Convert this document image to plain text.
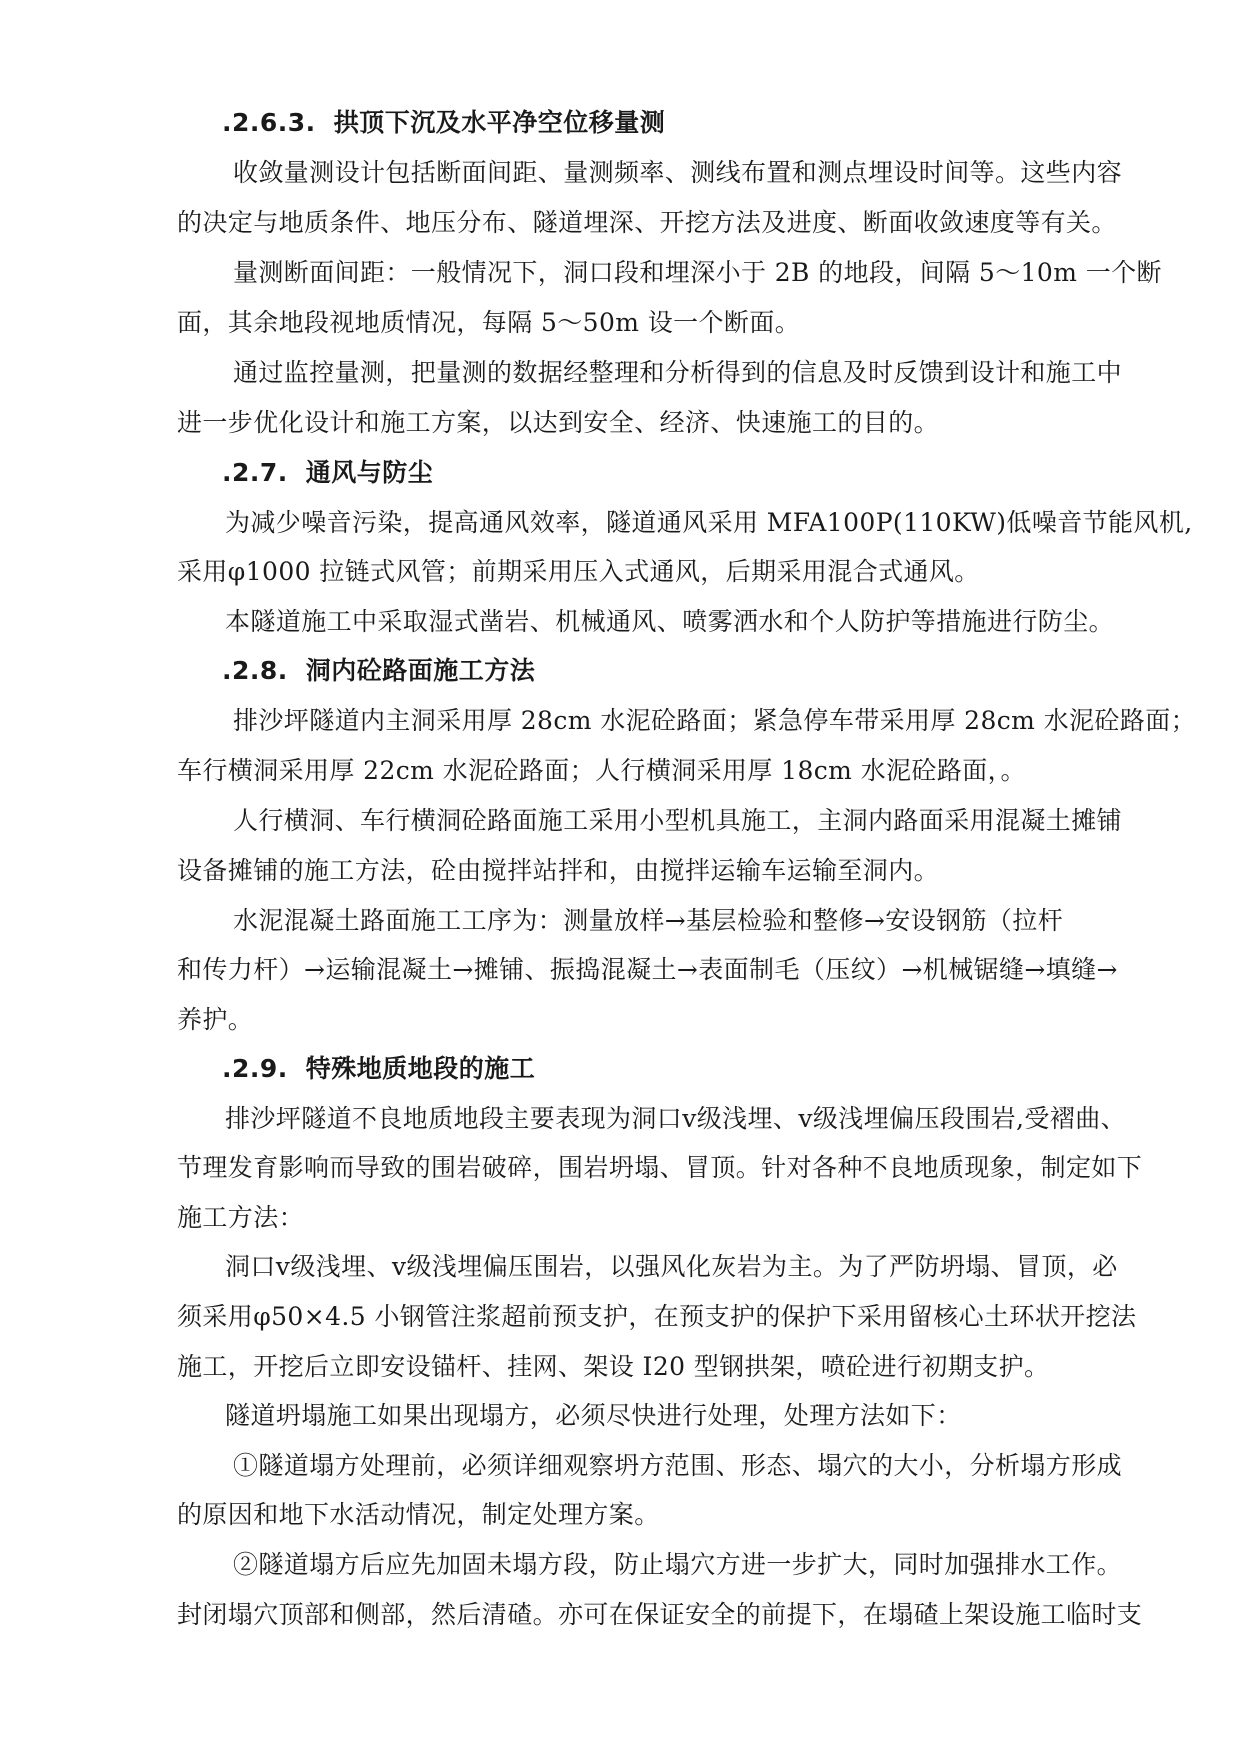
.2.6.3. 拱顶下沉及水平净空位移量测
收敛量测设计包括断面间距、量测频率、测线布置和测点埋设时间等。这些内容
的决定与地质条件、地压分布、隧道埋深、开挖方法及进度、断面收敛速度等有关。
量测断面间距：一般情况下，洞口段和埋深小于 2B 的地段，间隔 5～10m 一个断
面，其余地段视地质情况，每隔 5～50m 设一个断面。
通过监控量测，把量测的数据经整理和分析得到的信息及时反馈到设计和施工中
进一步优化设计和施工方案，以达到安全、经济、快速施工的目的。
.2.7. 通风与防尘
为减少噪音污染，提高通风效率，隧道通风采用 MFA100P(110KW)低噪音节能风机,
采用φ1000 拉链式风管；前期采用压入式通风，后期采用混合式通风。
本隧道施工中采取湿式凿岩、机械通风、喷雾洒水和个人防护等措施进行防尘。
.2.8. 洞内砼路面施工方法
排沙坪隧道内主洞采用厚 28cm 水泥砼路面；紧急停车带采用厚 28cm 水泥砼路面；
车行横洞采用厚 22cm 水泥砼路面；人行横洞采用厚 18cm 水泥砼路面，。
人行横洞、车行横洞砼路面施工采用小型机具施工，主洞内路面采用混凝土摊铺
设备摊铺的施工方法，砼由搅拌站拌和，由搅拌运输车运输至洞内。
水泥混凝土路面施工工序为：测量放样→基层检验和整修→安设钢筋（拉杆
和传力杆）→运输混凝土→摊铺、振捣混凝土→表面制毛（压纹）→机械锯缝→填缝→
养护。
.2.9. 特殊地质地段的施工
排沙坪隧道不良地质地段主要表现为洞口ⅴ级浅埋、ⅴ级浅埋偏压段围岩,受褶曲、
节理发育影响而导致的围岩破碎，围岩坍塌、冒顶。针对各种不良地质现象，制定如下
施工方法：
洞口ⅴ级浅埋、ⅴ级浅埋偏压围岩，以强风化灰岩为主。为了严防坍塌、冒顶，必
须采用φ50×4.5 小钢管注浆超前预支护，在预支护的保护下采用留核心土环状开挖法
施工，开挖后立即安设锚杆、挂网、架设 I20 型钢拱架，喷砼进行初期支护。
隧道坍塌施工如果出现塌方，必须尽快进行处理，处理方法如下：
①隧道塌方处理前，必须详细观察坍方范围、形态、塌穴的大小，分析塌方形成
的原因和地下水活动情况，制定处理方案。
②隧道塌方后应先加固未塌方段，防止塌穴方进一步扩大，同时加强排水工作。
封闭塌穴顶部和侧部，然后清碴。亦可在保证安全的前提下，在塌碴上架设施工临时支
